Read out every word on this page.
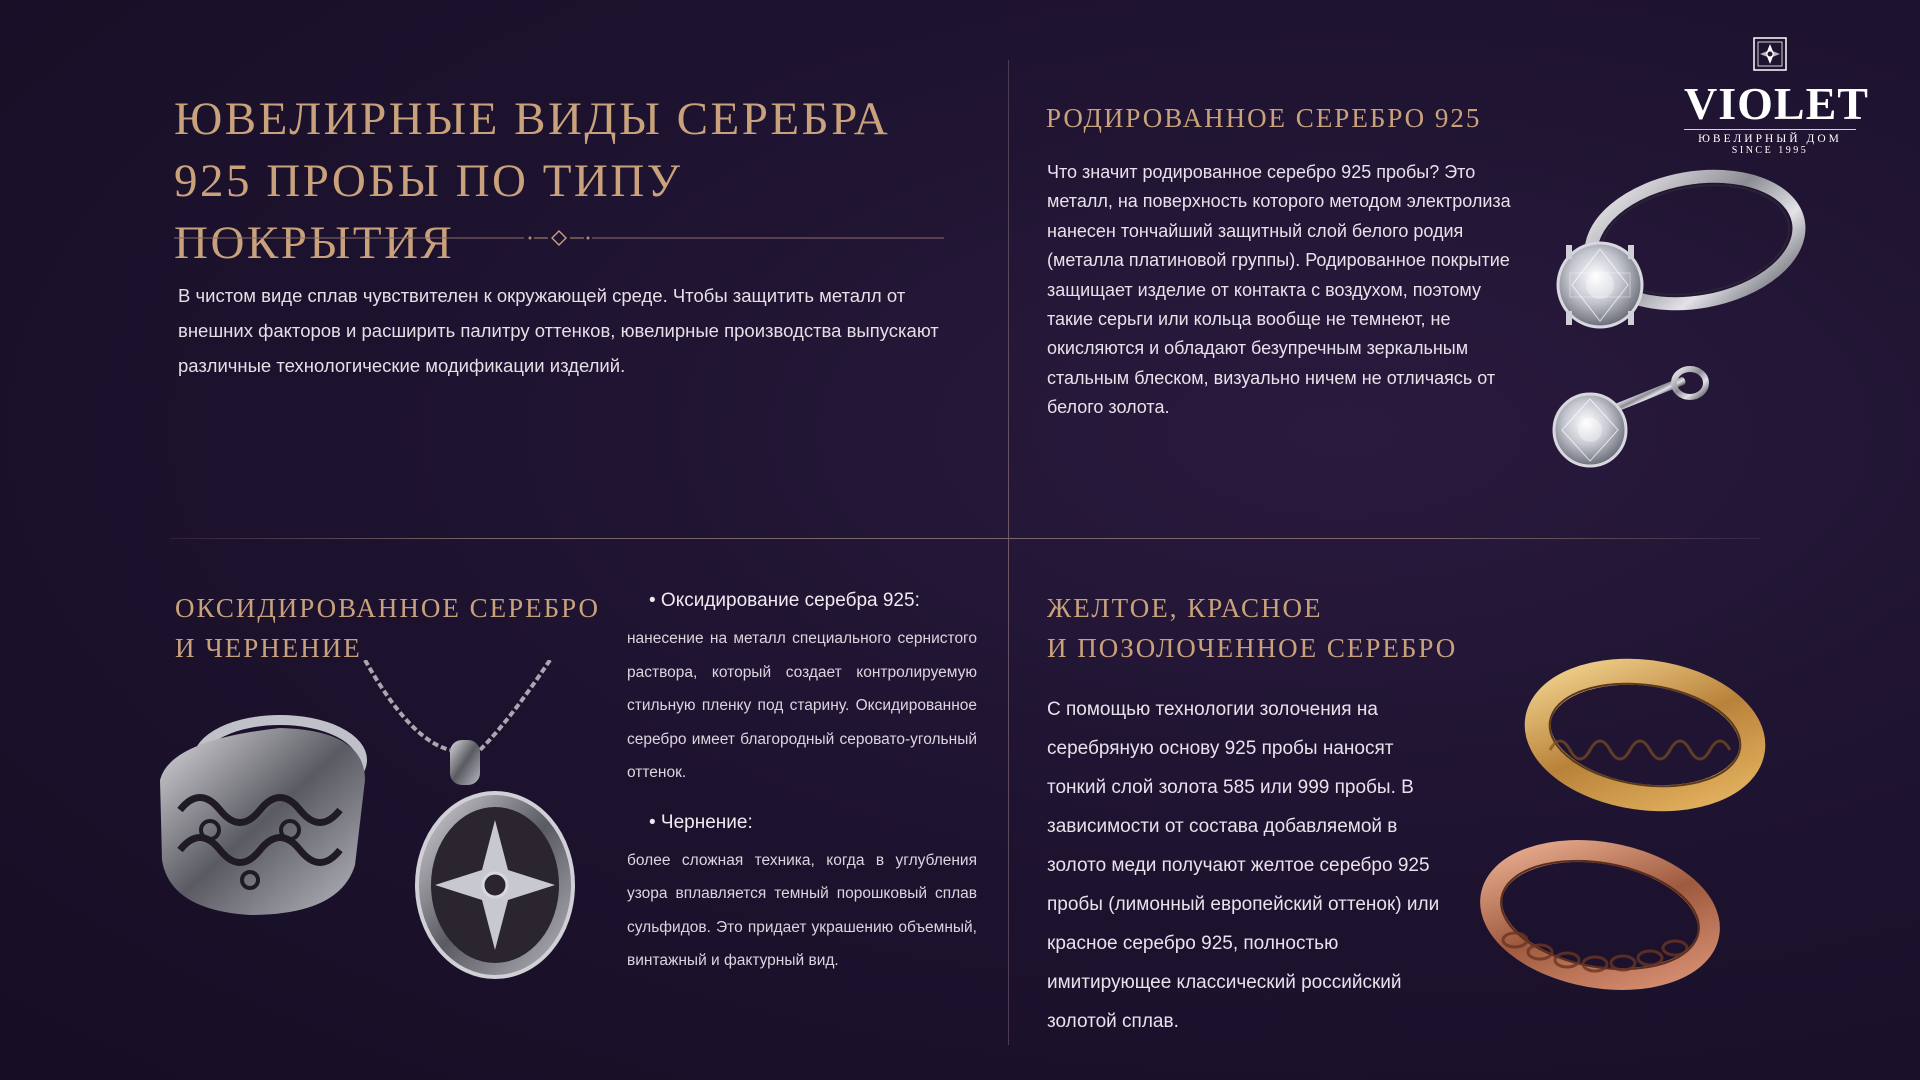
ЮВЕЛИРНЫЕ ВИДЫ СЕРЕБРА
925 ПРОБЫ ПО ТИПУ ПОКРЫТИЯ

В чистом виде сплав чувствителен к окружающей среде. Чтобы защитить металл от внешних факторов и расширить палитру оттенков, ювелирные производства выпускают различные технологические модификации изделий.

VIOLET
ЮВЕЛИРНЫЙ ДОМ
SINCE 1995
РОДИРОВАННОЕ СЕРЕБРО 925

Что значит родированное серебро 925 пробы? Это металл, на поверхность которого методом электролиза нанесен тончайший защитный слой белого родия (металла платиновой группы). Родированное покрытие защищает изделие от контакта с воздухом, поэтому такие серьги или кольца вообще не темнеют, не окисляются и обладают безупречным зеркальным стальным блеском, визуально ничем не отличаясь от белого золота.

ОКСИДИРОВАННОЕ СЕРЕБРО
И ЧЕРНЕНИЕ
• Оксидирование серебра 925:
нанесение на металл специального сернистого раствора, который создает контролируемую стильную пленку под старину. Оксидированное серебро имеет благородный серовато-угольный оттенок.
• Чернение:
более сложная техника, когда в углубления узора вплавляется темный порошковый сплав сульфидов. Это придает украшению объемный, винтажный и фактурный вид.
ЖЕЛТОЕ, КРАСНОЕ
И ПОЗОЛОЧЕННОЕ СЕРЕБРО

С помощью технологии золочения на серебряную основу 925 пробы наносят тонкий слой золота 585 или 999 пробы. В зависимости от состава добавляемой в золото меди получают желтое серебро 925 пробы (лимонный европейский оттенок) или красное серебро 925, полностью имитирующее классический российский золотой сплав.
